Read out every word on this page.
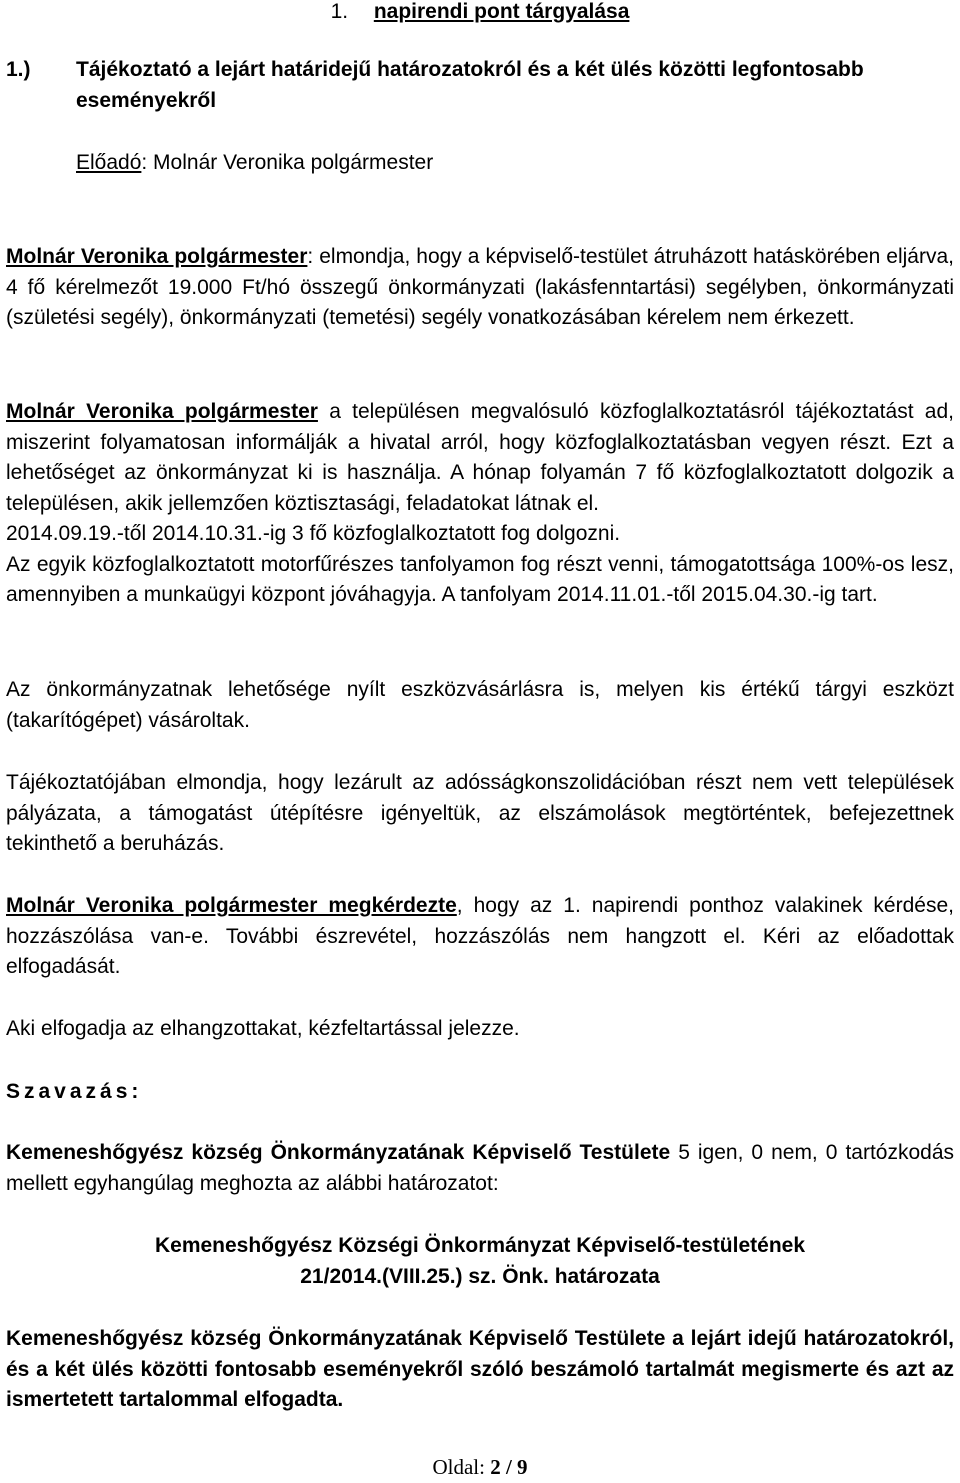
1. napirendi pont tárgyalása
1.) Tájékoztató a lejárt határidejű határozatokról és a két ülés közötti legfontosabb
eseményekről
Előadó: Molnár Veronika polgármester

Molnár Veronika polgármester: elmondja, hogy a képviselő-testület átruházott hatáskörében eljárva, 4 fő kérelmezőt 19.000 Ft/hó összegű önkormányzati (lakásfenntartási) segélyben, önkormányzati (születési segély), önkormányzati (temetési) segély vonatkozásában kérelem nem érkezett.

Molnár Veronika polgármester a településen megvalósuló közfoglalkoztatásról tájékoztatást ad, miszerint folyamatosan informálják a hivatal arról, hogy közfoglalkoztatásban vegyen részt. Ezt a lehetőséget az önkormányzat ki is használja. A hónap folyamán 7 fő közfoglalkoztatott dolgozik a településen, akik jellemzően köztisztasági, feladatokat látnak el.
2014.09.19.-től 2014.10.31.-ig 3 fő közfoglalkoztatott fog dolgozni.
Az egyik közfoglalkoztatott motorfűrészes tanfolyamon fog részt venni, támogatottsága 100%-os lesz, amennyiben a munkaügyi központ jóváhagyja. A tanfolyam 2014.11.01.-től 2015.04.30.-ig tart.

Az önkormányzatnak lehetősége nyílt eszközvásárlásra is, melyen kis értékű tárgyi eszközt (takarítógépet) vásároltak.

Tájékoztatójában elmondja, hogy lezárult az adósságkonszolidációban részt nem vett települések pályázata, a támogatást útépítésre igényeltük, az elszámolások megtörténtek, befejezettnek tekinthető a beruházás.

Molnár Veronika polgármester megkérdezte, hogy az 1. napirendi ponthoz valakinek kérdése, hozzászólása van-e. További észrevétel, hozzászólás nem hangzott el. Kéri az előadottak elfogadását.

Aki elfogadja az elhangzottakat, kézfeltartással jelezze.

Szavazás:

Kemeneshőgyész község Önkormányzatának Képviselő Testülete 5 igen, 0 nem, 0 tartózkodás mellett egyhangúlag meghozta az alábbi határozatot:

Kemeneshőgyész Községi Önkormányzat Képviselő-testületének
21/2014.(VIII.25.) sz. Önk. határozata

Kemeneshőgyész község Önkormányzatának Képviselő Testülete a lejárt idejű határozatokról, és a két ülés közötti fontosabb eseményekről szóló beszámoló tartalmát megismerte és azt az ismertetett tartalommal elfogadta.

Oldal: 2 / 9
